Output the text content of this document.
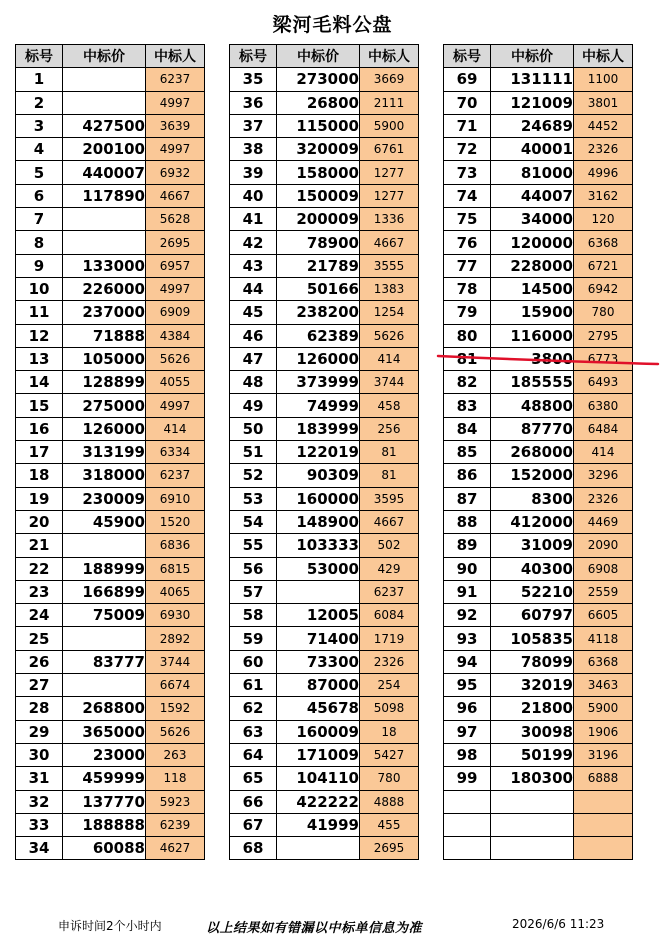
梁河毛料公盘
标号	中标价	中标人
1		6237
2		4997
3	427500	3639
4	200100	4997
5	440007	6932
6	117890	4667
7		5628
8		2695
9	133000	6957
10	226000	4997
11	237000	6909
12	71888	4384
13	105000	5626
14	128899	4055
15	275000	4997
16	126000	414
17	313199	6334
18	318000	6237
19	230009	6910
20	45900	1520
21		6836
22	188999	6815
23	166899	4065
24	75009	6930
25		2892
26	83777	3744
27		6674
28	268800	1592
29	365000	5626
30	23000	263
31	459999	118
32	137770	5923
33	188888	6239
34	60088	4627
标号	中标价	中标人
35	273000	3669
36	26800	2111
37	115000	5900
38	320009	6761
39	158000	1277
40	150009	1277
41	200009	1336
42	78900	4667
43	21789	3555
44	50166	1383
45	238200	1254
46	62389	5626
47	126000	414
48	373999	3744
49	74999	458
50	183999	256
51	122019	81
52	90309	81
53	160000	3595
54	148900	4667
55	103333	502
56	53000	429
57		6237
58	12005	6084
59	71400	1719
60	73300	2326
61	87000	254
62	45678	5098
63	160009	18
64	171009	5427
65	104110	780
66	422222	4888
67	41999	455
68		2695
标号	中标价	中标人
69	131111	1100
70	121009	3801
71	24689	4452
72	40001	2326
73	81000	4996
74	44007	3162
75	34000	120
76	120000	6368
77	228000	6721
78	14500	6942
79	15900	780
80	116000	2795
81	3800	6773
82	185555	6493
83	48800	6380
84	87770	6484
85	268000	414
86	152000	3296
87	8300	2326
88	412000	4469
89	31009	2090
90	40300	6908
91	52210	2559
92	60797	6605
93	105835	4118
94	78099	6368
95	32019	3463
96	21800	5900
97	30098	1906
98	50199	3196
99	180300	6888

申诉时间2个小时内	以上结果如有错漏以中标单信息为准	2026/6/6 11:23
